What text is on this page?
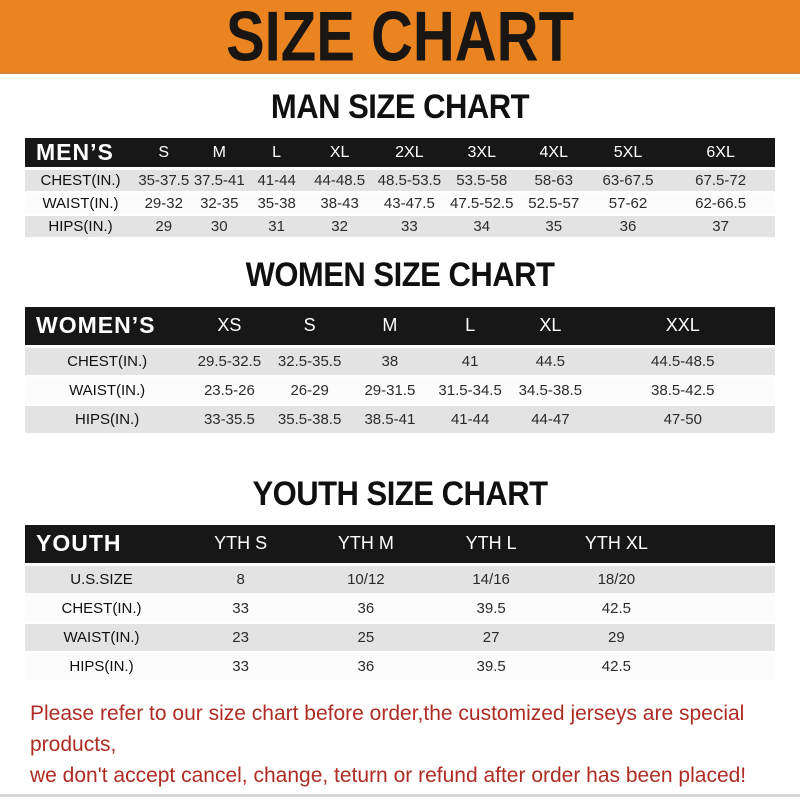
SIZE CHART
MAN SIZE CHART
MEN’S	S	M	L	XL	2XL	3XL	4XL	5XL	6XL
CHEST(IN.)	35-37.5	37.5-41	41-44	44-48.5	48.5-53.5	53.5-58	58-63	63-67.5	67.5-72
WAIST(IN.)	29-32	32-35	35-38	38-43	43-47.5	47.5-52.5	52.5-57	57-62	62-66.5
HIPS(IN.)	29	30	31	32	33	34	35	36	37
WOMEN SIZE CHART
WOMEN’S	XS	S	M	L	XL	XXL
CHEST(IN.)	29.5-32.5	32.5-35.5	38	41	44.5	44.5-48.5
WAIST(IN.)	23.5-26	26-29	29-31.5	31.5-34.5	34.5-38.5	38.5-42.5
HIPS(IN.)	33-35.5	35.5-38.5	38.5-41	41-44	44-47	47-50
YOUTH SIZE CHART
YOUTH	YTH S	YTH M	YTH L	YTH XL	
U.S.SIZE	8	10/12	14/16	18/20	
CHEST(IN.)	33	36	39.5	42.5	
WAIST(IN.)	23	25	27	29	
HIPS(IN.)	33	36	39.5	42.5	

Please refer to our size chart before order,the customized jerseys are special products,

we don't accept cancel, change, teturn or refund after order has been placed!
